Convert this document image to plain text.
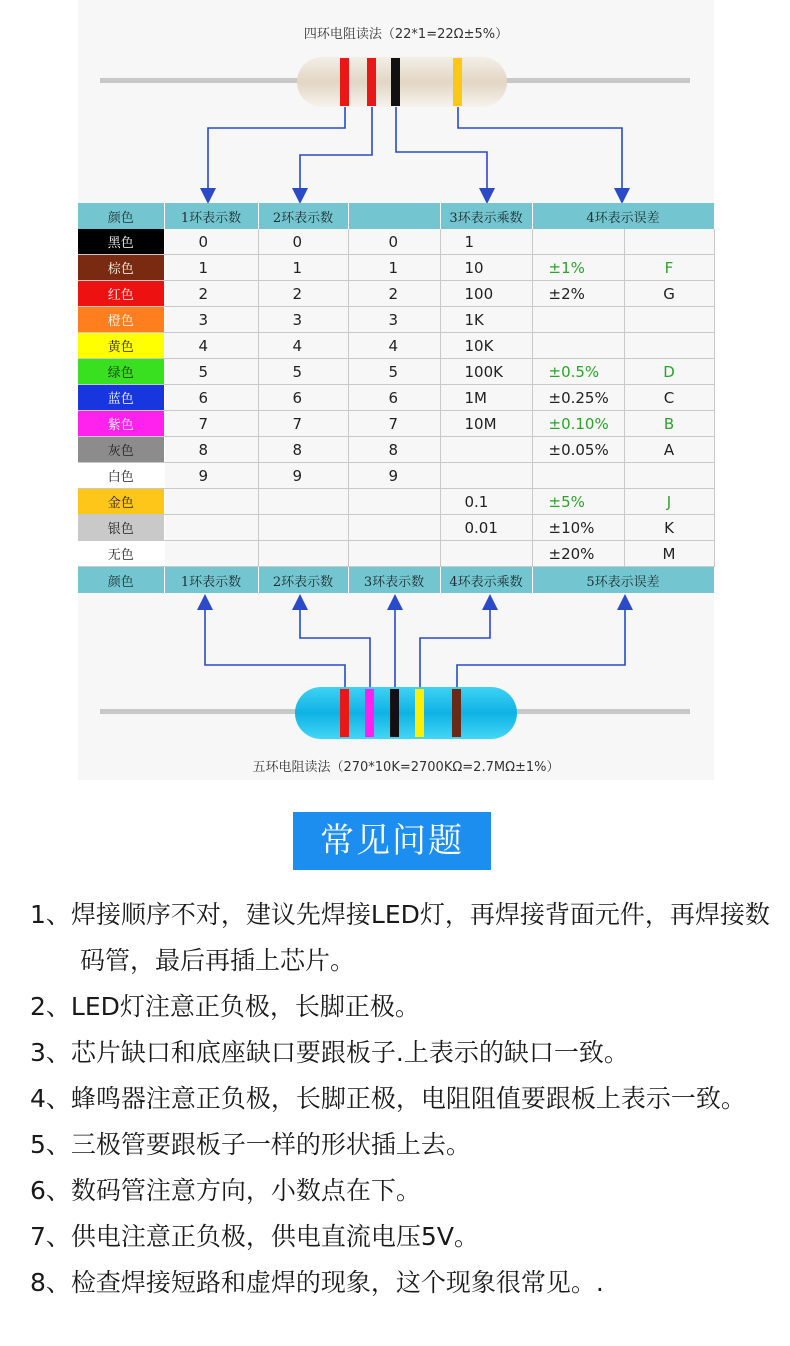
四环电阻读法（22*1=22Ω±5%）
五环电阻读法（270*10K=2700KΩ=2.7MΩ±1%）
颜色	1环表示数	2环表示数		3环表示乘数	4环表示误差	
黑色	0	0	0	1		
棕色	1	1	1	10	±1%	F
红色	2	2	2	100	±2%	G
橙色	3	3	3	1K		
黄色	4	4	4	10K		
绿色	5	5	5	100K	±0.5%	D
蓝色	6	6	6	1M	±0.25%	C
紫色	7	7	7	10M	±0.10%	B
灰色	8	8	8		±0.05%	A
白色	9	9	9			
金色				0.1	±5%	J
银色				0.01	±10%	K
无色					±20%	M
颜色	1环表示数	2环表示数	3环表示数	4环表示乘数	5环表示误差	
常见问题
1、焊接顺序不对，建议先焊接LED灯，再焊接背面元件，再焊接数码管，最后再插上芯片。
2、LED灯注意正负极，长脚正极。
3、芯片缺口和底座缺口要跟板子.上表示的缺口一致。
4、蜂鸣器注意正负极，长脚正极，电阻阻值要跟板上表示一致。
5、三极管要跟板子一样的形状插上去。
6、数码管注意方向，小数点在下。
7、供电注意正负极，供电直流电压5V。
8、检查焊接短路和虚焊的现象，这个现象很常见。.
